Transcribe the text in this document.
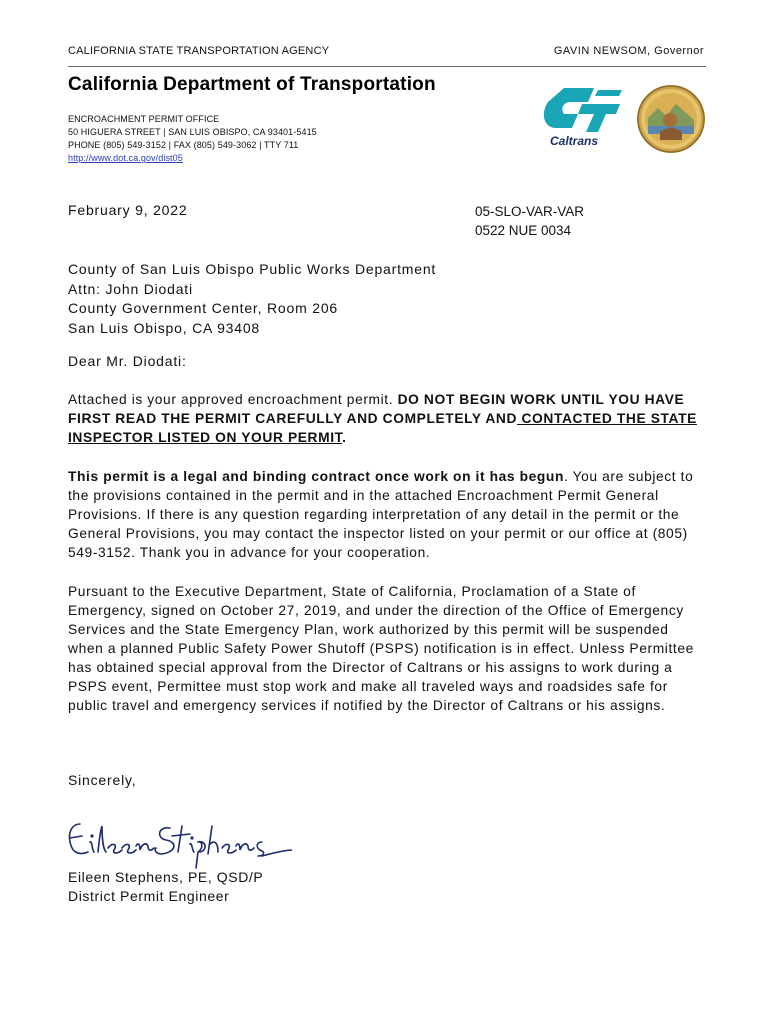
CALIFORNIA STATE TRANSPORTATION AGENCY	GAVIN NEWSOM, Governor
California Department of Transportation
ENCROACHMENT PERMIT OFFICE
50 HIGUERA STREET | SAN LUIS OBISPO, CA 93401-5415
PHONE (805) 549-3152 | FAX (805) 549-3062 | TTY 711
http://www.dot.ca.gov/dist05
Caltrans
February 9, 2022	05-SLO-VAR-VAR
0522 NUE 0034
County of San Luis Obispo Public Works Department
Attn: John Diodati
County Government Center, Room 206
San Luis Obispo, CA 93408
Dear Mr. Diodati:
Attached is your approved encroachment permit. DO NOT BEGIN WORK UNTIL YOU HAVE FIRST READ THE PERMIT CAREFULLY AND COMPLETELY AND CONTACTED THE STATE INSPECTOR LISTED ON YOUR PERMIT.
This permit is a legal and binding contract once work on it has begun. You are subject to the provisions contained in the permit and in the attached Encroachment Permit General Provisions. If there is any question regarding interpretation of any detail in the permit or the General Provisions, you may contact the inspector listed on your permit or our office at (805) 549-3152. Thank you in advance for your cooperation.
Pursuant to the Executive Department, State of California, Proclamation of a State of Emergency, signed on October 27, 2019, and under the direction of the Office of Emergency Services and the State Emergency Plan, work authorized by this permit will be suspended when a planned Public Safety Power Shutoff (PSPS) notification is in effect. Unless Permittee has obtained special approval from the Director of Caltrans or his assigns to work during a PSPS event, Permittee must stop work and make all traveled ways and roadsides safe for public travel and emergency services if notified by the Director of Caltrans or his assigns.
Sincerely,
Eileen Stephens, PE, QSD/P
District Permit Engineer
